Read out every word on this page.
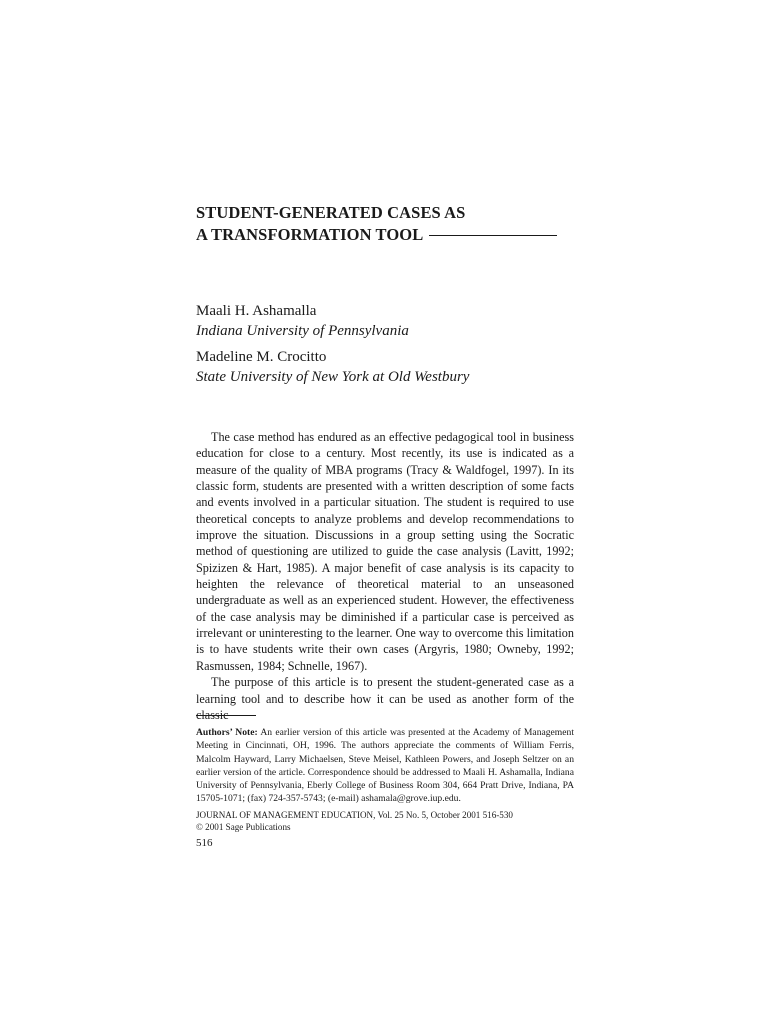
STUDENT-GENERATED CASES AS
A TRANSFORMATION TOOL
Maali H. Ashamalla
Indiana University of Pennsylvania
Madeline M. Crocitto
State University of New York at Old Westbury

The case method has endured as an effective pedagogical tool in business education for close to a century. Most recently, its use is indicated as a measure of the quality of MBA programs (Tracy & Waldfogel, 1997). In its classic form, students are presented with a written description of some facts and events involved in a particular situation. The student is required to use theoretical concepts to analyze problems and develop recommendations to improve the situation. Discussions in a group setting using the Socratic method of questioning are utilized to guide the case analysis (Lavitt, 1992; Spizizen & Hart, 1985). A major benefit of case analysis is its capacity to heighten the relevance of theoretical material to an unseasoned undergraduate as well as an experienced student. However, the effectiveness of the case analysis may be diminished if a particular case is perceived as irrelevant or uninteresting to the learner. One way to overcome this limitation is to have students write their own cases (Argyris, 1980; Owneby, 1992; Rasmussen, 1984; Schnelle, 1967).

The purpose of this article is to present the student-generated case as a learning tool and to describe how it can be used as another form of the classic

Authors’ Note: An earlier version of this article was presented at the Academy of Management Meeting in Cincinnati, OH, 1996. The authors appreciate the comments of William Ferris, Malcolm Hayward, Larry Michaelsen, Steve Meisel, Kathleen Powers, and Joseph Seltzer on an earlier version of the article. Correspondence should be addressed to Maali H. Ashamalla, Indiana University of Pennsylvania, Eberly College of Business Room 304, 664 Pratt Drive, Indiana, PA 15705-1071; (fax) 724-357-5743; (e-mail) ashamala@grove.iup.edu.
JOURNAL OF MANAGEMENT EDUCATION, Vol. 25 No. 5, October 2001 516-530
© 2001 Sage Publications
516
